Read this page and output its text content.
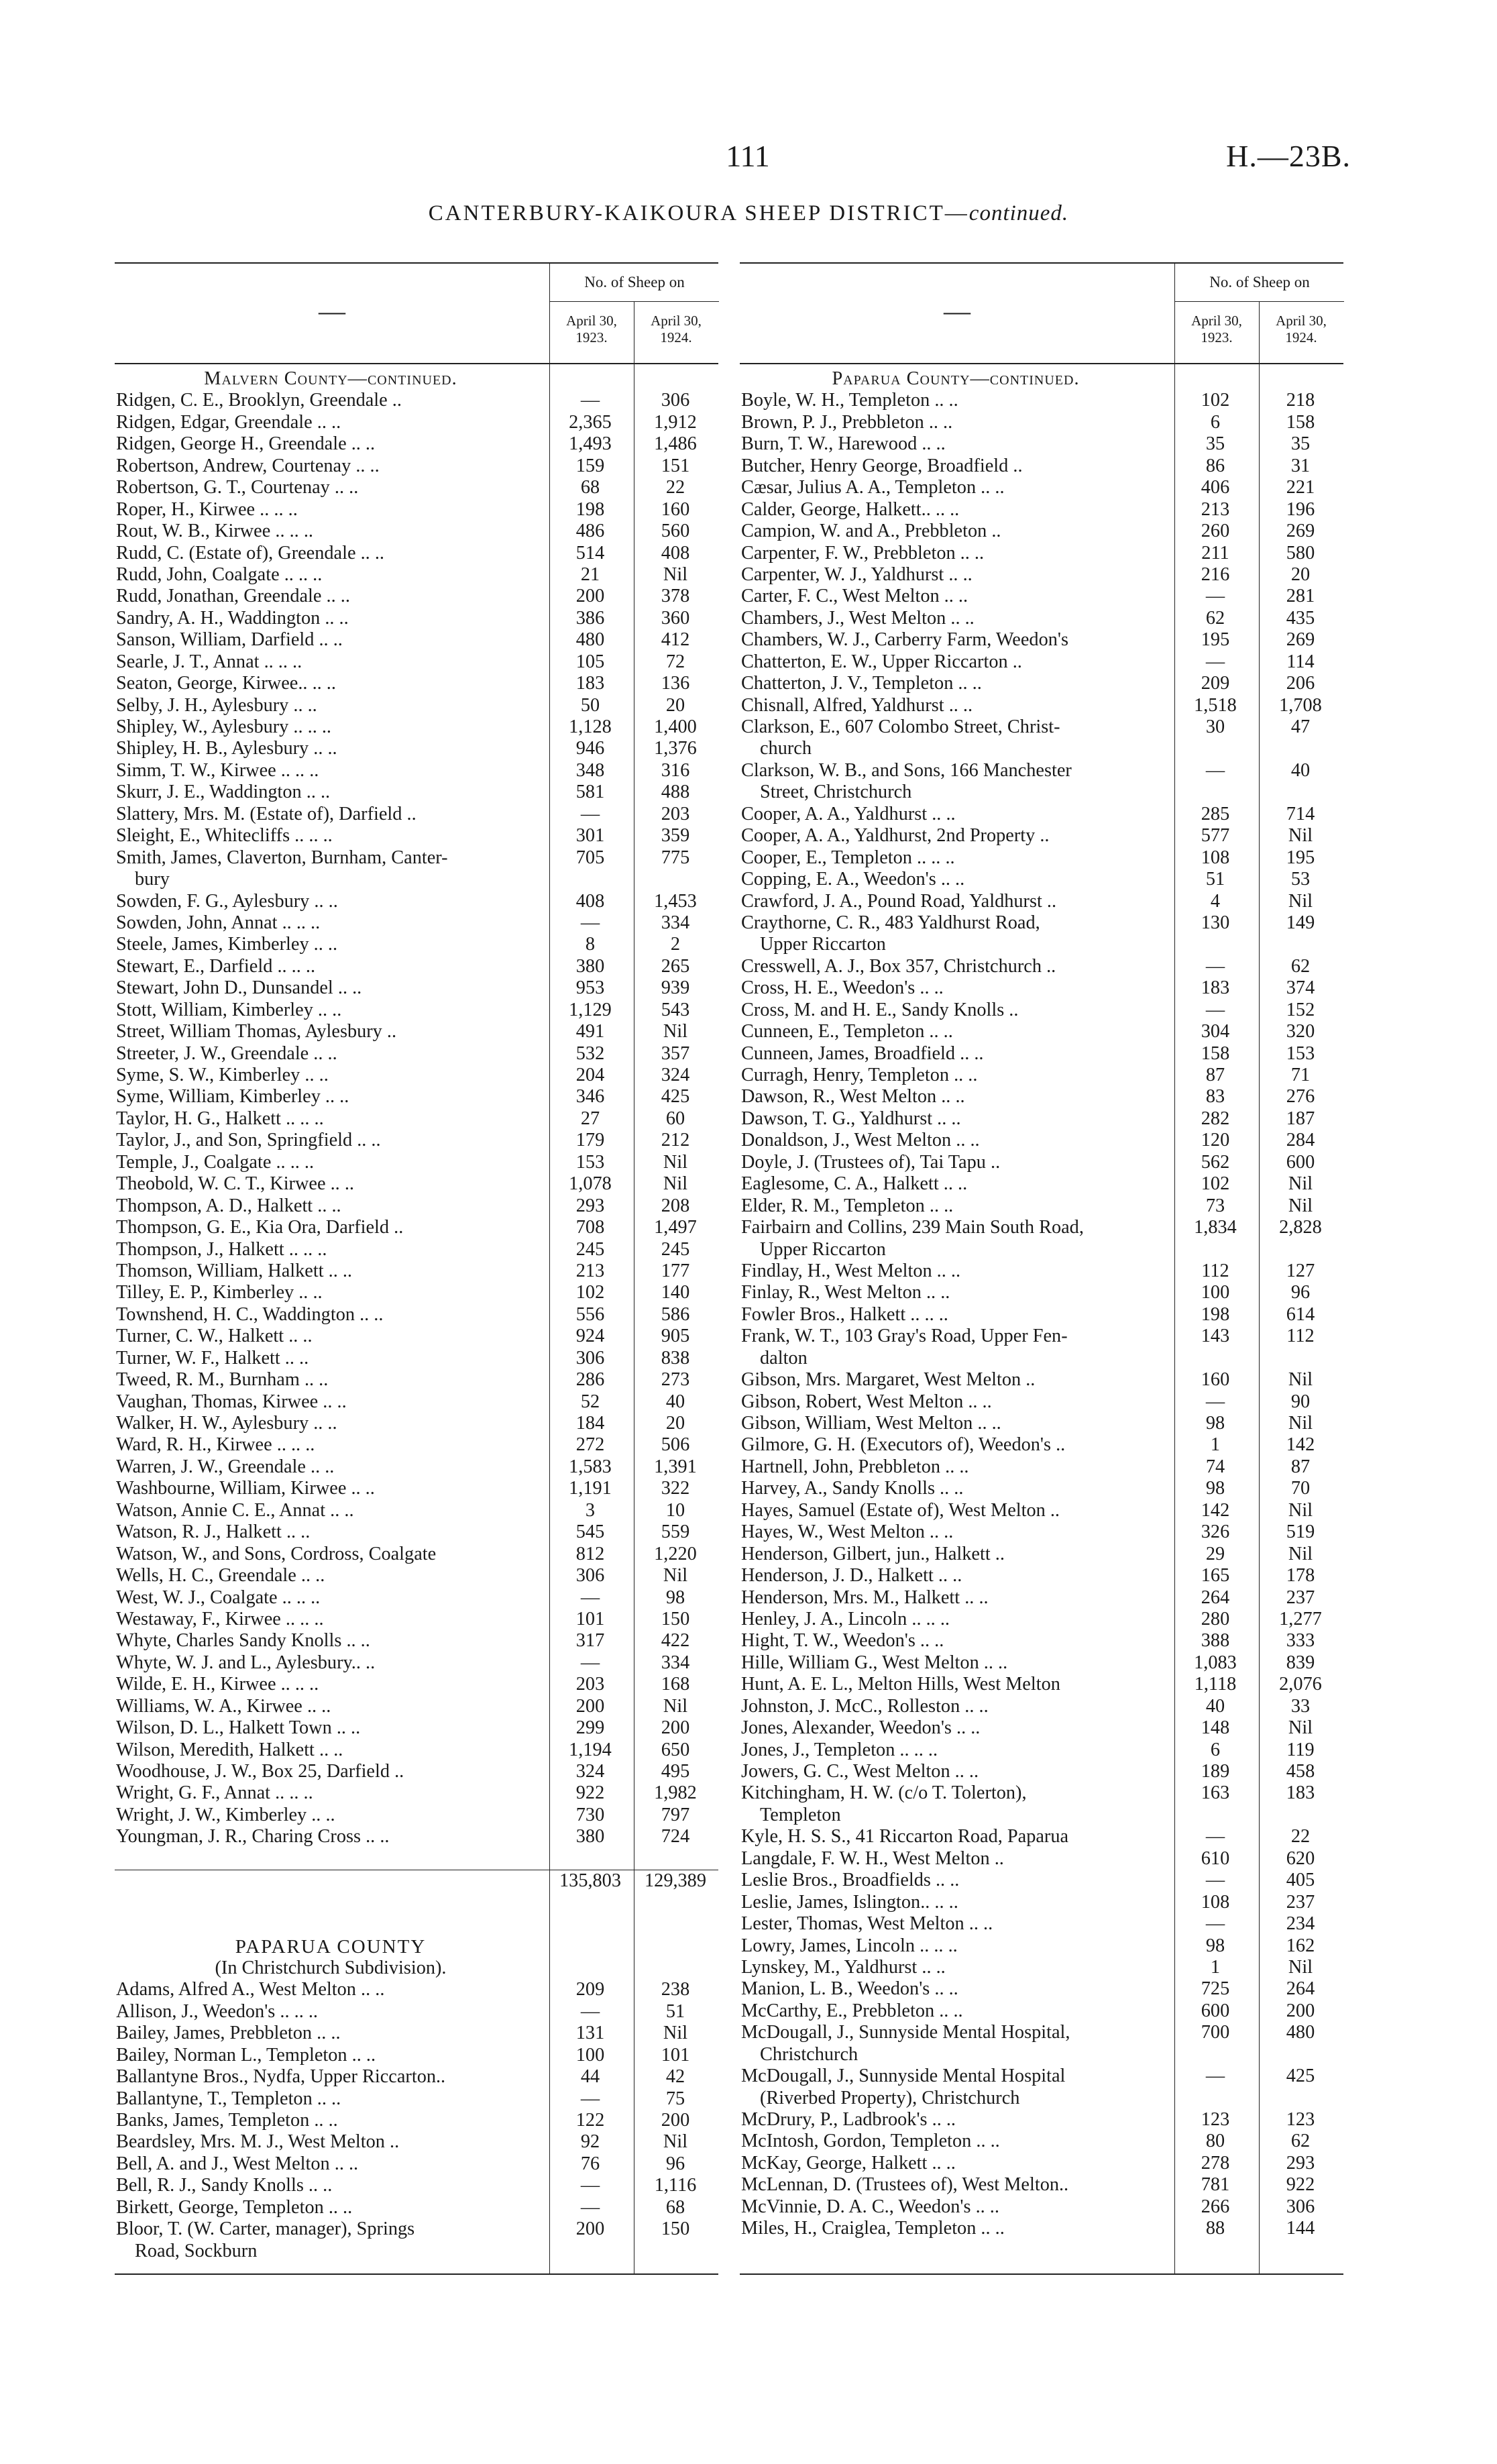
111	H.—23B.
CANTERBURY-KAIKOURA SHEEP DISTRICT—continued.
—
No. of Sheep on
April 30,
1923.
April 30,
1924.
Malvern County—continued.
Ridgen, C. E., Brooklyn, Greendale ..	—	306
Ridgen, Edgar, Greendale .. ..	2,365	1,912
Ridgen, George H., Greendale .. ..	1,493	1,486
Robertson, Andrew, Courtenay .. ..	159	151
Robertson, G. T., Courtenay .. ..	68	22
Roper, H., Kirwee .. .. ..	198	160
Rout, W. B., Kirwee .. .. ..	486	560
Rudd, C. (Estate of), Greendale .. ..	514	408
Rudd, John, Coalgate .. .. ..	21	Nil
Rudd, Jonathan, Greendale .. ..	200	378
Sandry, A. H., Waddington .. ..	386	360
Sanson, William, Darfield .. ..	480	412
Searle, J. T., Annat .. .. ..	105	72
Seaton, George, Kirwee.. .. ..	183	136
Selby, J. H., Aylesbury .. ..	50	20
Shipley, W., Aylesbury .. .. ..	1,128	1,400
Shipley, H. B., Aylesbury .. ..	946	1,376
Simm, T. W., Kirwee .. .. ..	348	316
Skurr, J. E., Waddington .. ..	581	488
Slattery, Mrs. M. (Estate of), Darfield ..	—	203
Sleight, E., Whitecliffs .. .. ..	301	359
Smith, James, Claverton, Burnham, Canter-	705	775
bury
Sowden, F. G., Aylesbury .. ..	408	1,453
Sowden, John, Annat .. .. ..	—	334
Steele, James, Kimberley .. ..	8	2
Stewart, E., Darfield .. .. ..	380	265
Stewart, John D., Dunsandel .. ..	953	939
Stott, William, Kimberley .. ..	1,129	543
Street, William Thomas, Aylesbury ..	491	Nil
Streeter, J. W., Greendale .. ..	532	357
Syme, S. W., Kimberley .. ..	204	324
Syme, William, Kimberley .. ..	346	425
Taylor, H. G., Halkett .. .. ..	27	60
Taylor, J., and Son, Springfield .. ..	179	212
Temple, J., Coalgate .. .. ..	153	Nil
Theobold, W. C. T., Kirwee .. ..	1,078	Nil
Thompson, A. D., Halkett .. ..	293	208
Thompson, G. E., Kia Ora, Darfield ..	708	1,497
Thompson, J., Halkett .. .. ..	245	245
Thomson, William, Halkett .. ..	213	177
Tilley, E. P., Kimberley .. ..	102	140
Townshend, H. C., Waddington .. ..	556	586
Turner, C. W., Halkett .. ..	924	905
Turner, W. F., Halkett .. ..	306	838
Tweed, R. M., Burnham .. ..	286	273
Vaughan, Thomas, Kirwee .. ..	52	40
Walker, H. W., Aylesbury .. ..	184	20
Ward, R. H., Kirwee .. .. ..	272	506
Warren, J. W., Greendale .. ..	1,583	1,391
Washbourne, William, Kirwee .. ..	1,191	322
Watson, Annie C. E., Annat .. ..	3	10
Watson, R. J., Halkett .. ..	545	559
Watson, W., and Sons, Cordross, Coalgate	812	1,220
Wells, H. C., Greendale .. ..	306	Nil
West, W. J., Coalgate .. .. ..	—	98
Westaway, F., Kirwee .. .. ..	101	150
Whyte, Charles Sandy Knolls .. ..	317	422
Whyte, W. J. and L., Aylesbury.. ..	—	334
Wilde, E. H., Kirwee .. .. ..	203	168
Williams, W. A., Kirwee .. ..	200	Nil
Wilson, D. L., Halkett Town .. ..	299	200
Wilson, Meredith, Halkett .. ..	1,194	650
Woodhouse, J. W., Box 25, Darfield ..	324	495
Wright, G. F., Annat .. .. ..	922	1,982
Wright, J. W., Kimberley .. ..	730	797
Youngman, J. R., Charing Cross .. ..	380	724
135,803	129,389
PAPARUA COUNTY
(In Christchurch Subdivision).
Adams, Alfred A., West Melton .. ..	209	238
Allison, J., Weedon's .. .. ..	—	51
Bailey, James, Prebbleton .. ..	131	Nil
Bailey, Norman L., Templeton .. ..	100	101
Ballantyne Bros., Nydfa, Upper Riccarton..	44	42
Ballantyne, T., Templeton .. ..	—	75
Banks, James, Templeton .. ..	122	200
Beardsley, Mrs. M. J., West Melton ..	92	Nil
Bell, A. and J., West Melton .. ..	76	96
Bell, R. J., Sandy Knolls .. ..	—	1,116
Birkett, George, Templeton .. ..	—	68
Bloor, T. (W. Carter, manager), Springs	200	150
Road, Sockburn
—
No. of Sheep on
April 30,
1923.
April 30,
1924.
Paparua County—continued.
Boyle, W. H., Templeton .. ..	102	218
Brown, P. J., Prebbleton .. ..	6	158
Burn, T. W., Harewood .. ..	35	35
Butcher, Henry George, Broadfield ..	86	31
Cæsar, Julius A. A., Templeton .. ..	406	221
Calder, George, Halkett.. .. ..	213	196
Campion, W. and A., Prebbleton ..	260	269
Carpenter, F. W., Prebbleton .. ..	211	580
Carpenter, W. J., Yaldhurst .. ..	216	20
Carter, F. C., West Melton .. ..	—	281
Chambers, J., West Melton .. ..	62	435
Chambers, W. J., Carberry Farm, Weedon's	195	269
Chatterton, E. W., Upper Riccarton ..	—	114
Chatterton, J. V., Templeton .. ..	209	206
Chisnall, Alfred, Yaldhurst .. ..	1,518	1,708
Clarkson, E., 607 Colombo Street, Christ-	30	47
church
Clarkson, W. B., and Sons, 166 Manchester	—	40
Street, Christchurch
Cooper, A. A., Yaldhurst .. ..	285	714
Cooper, A. A., Yaldhurst, 2nd Property ..	577	Nil
Cooper, E., Templeton .. .. ..	108	195
Copping, E. A., Weedon's .. ..	51	53
Crawford, J. A., Pound Road, Yaldhurst ..	4	Nil
Craythorne, C. R., 483 Yaldhurst Road,	130	149
Upper Riccarton
Cresswell, A. J., Box 357, Christchurch ..	—	62
Cross, H. E., Weedon's .. ..	183	374
Cross, M. and H. E., Sandy Knolls ..	—	152
Cunneen, E., Templeton .. ..	304	320
Cunneen, James, Broadfield .. ..	158	153
Curragh, Henry, Templeton .. ..	87	71
Dawson, R., West Melton .. ..	83	276
Dawson, T. G., Yaldhurst .. ..	282	187
Donaldson, J., West Melton .. ..	120	284
Doyle, J. (Trustees of), Tai Tapu ..	562	600
Eaglesome, C. A., Halkett .. ..	102	Nil
Elder, R. M., Templeton .. ..	73	Nil
Fairbairn and Collins, 239 Main South Road,	1,834	2,828
Upper Riccarton
Findlay, H., West Melton .. ..	112	127
Finlay, R., West Melton .. ..	100	96
Fowler Bros., Halkett .. .. ..	198	614
Frank, W. T., 103 Gray's Road, Upper Fen-	143	112
dalton
Gibson, Mrs. Margaret, West Melton ..	160	Nil
Gibson, Robert, West Melton .. ..	—	90
Gibson, William, West Melton .. ..	98	Nil
Gilmore, G. H. (Executors of), Weedon's ..	1	142
Hartnell, John, Prebbleton .. ..	74	87
Harvey, A., Sandy Knolls .. ..	98	70
Hayes, Samuel (Estate of), West Melton ..	142	Nil
Hayes, W., West Melton .. ..	326	519
Henderson, Gilbert, jun., Halkett ..	29	Nil
Henderson, J. D., Halkett .. ..	165	178
Henderson, Mrs. M., Halkett .. ..	264	237
Henley, J. A., Lincoln .. .. ..	280	1,277
Hight, T. W., Weedon's .. ..	388	333
Hille, William G., West Melton .. ..	1,083	839
Hunt, A. E. L., Melton Hills, West Melton	1,118	2,076
Johnston, J. McC., Rolleston .. ..	40	33
Jones, Alexander, Weedon's .. ..	148	Nil
Jones, J., Templeton .. .. ..	6	119
Jowers, G. C., West Melton .. ..	189	458
Kitchingham, H. W. (c/o T. Tolerton),	163	183
Templeton
Kyle, H. S. S., 41 Riccarton Road, Paparua	—	22
Langdale, F. W. H., West Melton ..	610	620
Leslie Bros., Broadfields .. ..	—	405
Leslie, James, Islington.. .. ..	108	237
Lester, Thomas, West Melton .. ..	—	234
Lowry, James, Lincoln .. .. ..	98	162
Lynskey, M., Yaldhurst .. ..	1	Nil
Manion, L. B., Weedon's .. ..	725	264
McCarthy, E., Prebbleton .. ..	600	200
McDougall, J., Sunnyside Mental Hospital,	700	480
Christchurch
McDougall, J., Sunnyside Mental Hospital	—	425
(Riverbed Property), Christchurch
McDrury, P., Ladbrook's .. ..	123	123
McIntosh, Gordon, Templeton .. ..	80	62
McKay, George, Halkett .. ..	278	293
McLennan, D. (Trustees of), West Melton..	781	922
McVinnie, D. A. C., Weedon's .. ..	266	306
Miles, H., Craiglea, Templeton .. ..	88	144
